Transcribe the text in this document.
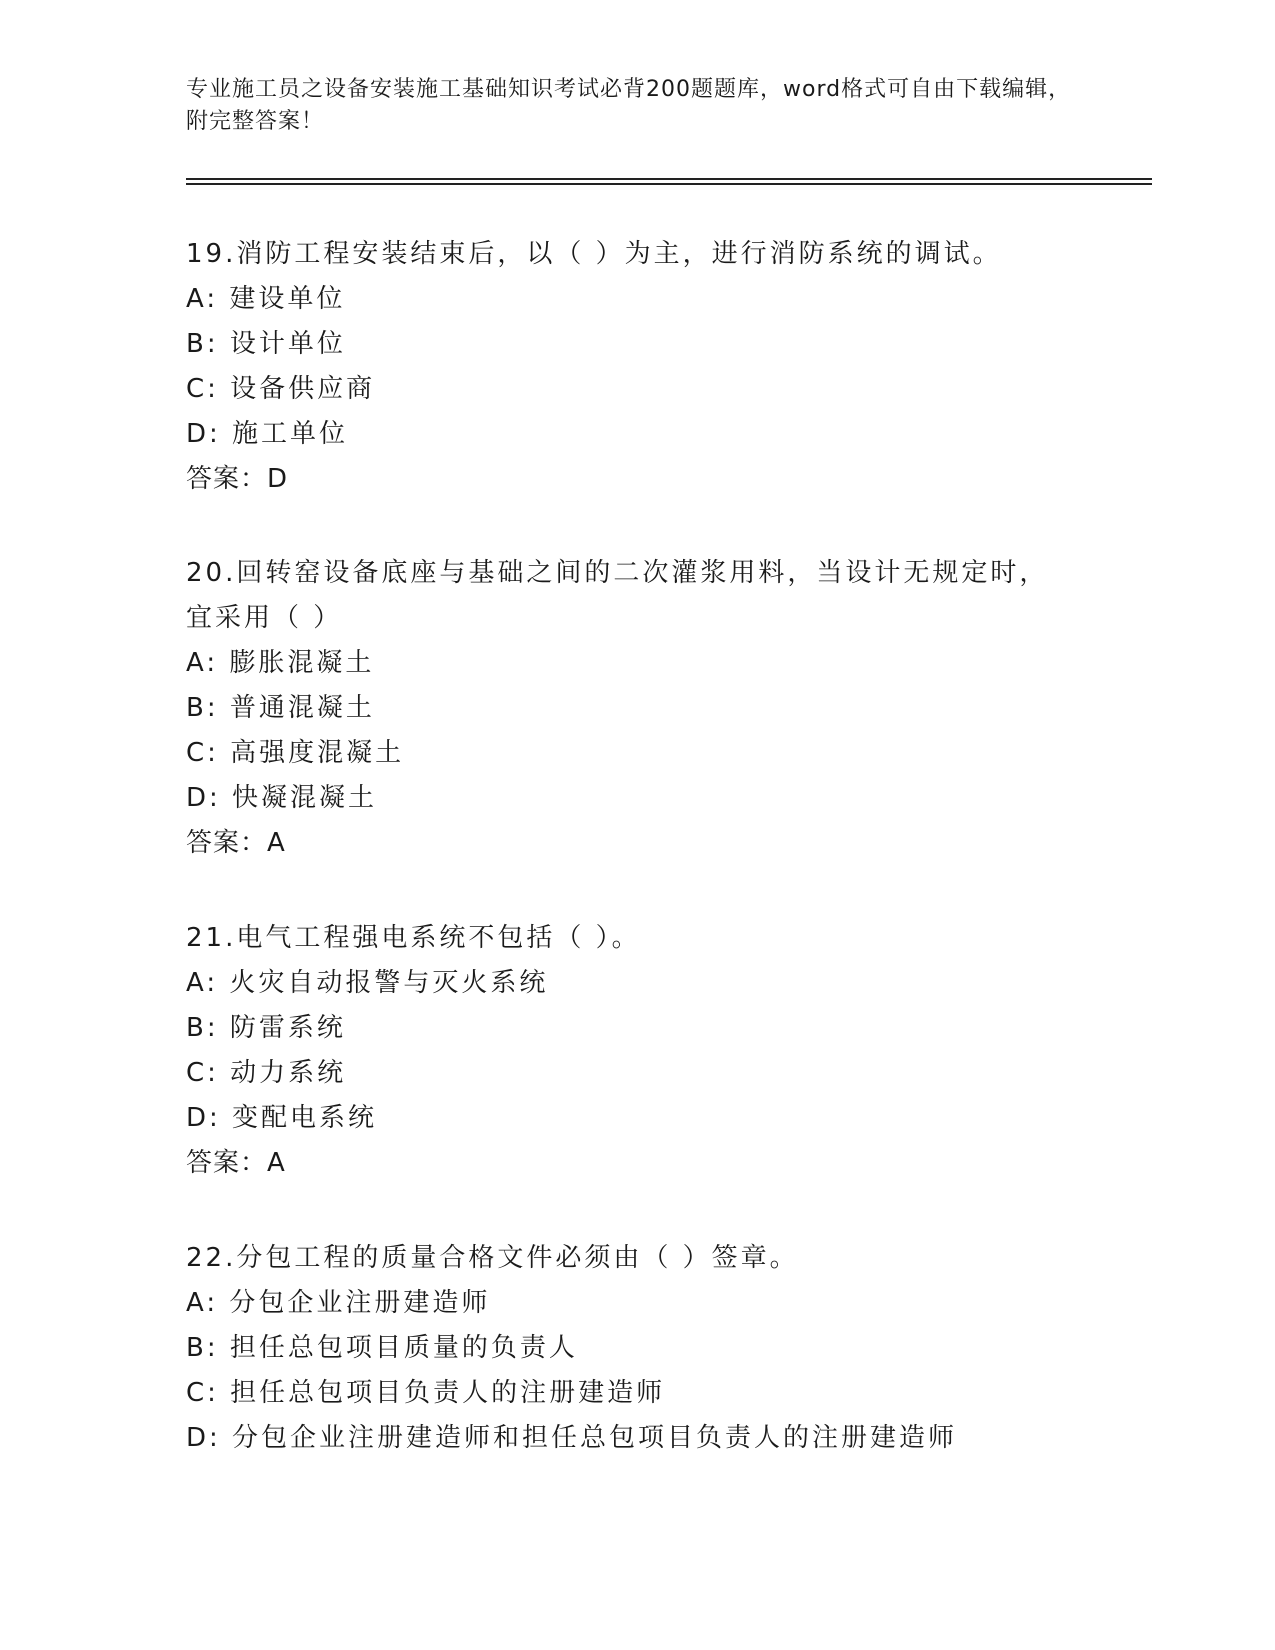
专业施工员之设备安装施工基础知识考试必背200题题库，word格式可自由下载编辑，附完整答案！
19.消防工程安装结束后，以（ ）为主，进行消防系统的调试。
A: 建设单位
B: 设计单位
C: 设备供应商
D: 施工单位
答案：D
20.回转窑设备底座与基础之间的二次灌浆用料，当设计无规定时，宜采用（ ）
A: 膨胀混凝土
B: 普通混凝土
C: 高强度混凝土
D: 快凝混凝土
答案：A
21.电气工程强电系统不包括（ ）。
A: 火灾自动报警与灭火系统
B: 防雷系统
C: 动力系统
D: 变配电系统
答案：A
22.分包工程的质量合格文件必须由（ ）签章。
A: 分包企业注册建造师
B: 担任总包项目质量的负责人
C: 担任总包项目负责人的注册建造师
D: 分包企业注册建造师和担任总包项目负责人的注册建造师
